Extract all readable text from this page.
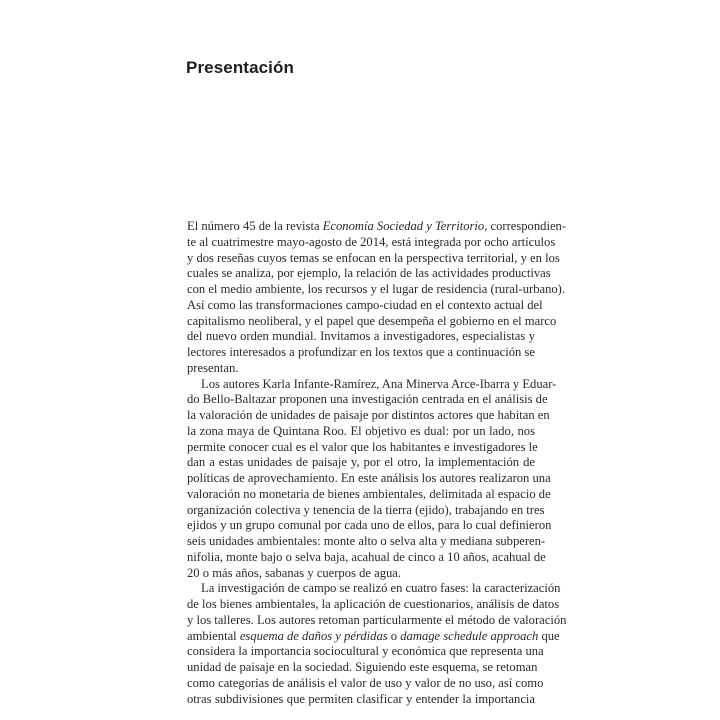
Presentación
El número 45 de la revista Economía Sociedad y Territorio, correspondien-
te al cuatrimestre mayo-agosto de 2014, está integrada por ocho artículos
y dos reseñas cuyos temas se enfocan en la perspectiva territorial, y en los
cuales se analiza, por ejemplo, la relación de las actividades productivas
con el medio ambiente, los recursos y el lugar de residencia (rural-urbano).
Así como las transformaciones campo-ciudad en el contexto actual del
capitalismo neoliberal, y el papel que desempeña el gobierno en el marco
del nuevo orden mundial. Invitamos a investigadores, especialistas y
lectores interesados a profundizar en los textos que a continuación se
presentan.
Los autores Karla Infante-Ramírez, Ana Minerva Arce-Ibarra y Eduar-
do Bello-Baltazar proponen una investigación centrada en el análisis de
la valoración de unidades de paisaje por distintos actores que habitan en
la zona maya de Quintana Roo. El objetivo es dual: por un lado, nos
permite conocer cual es el valor que los habitantes e investigadores le
dan a estas unidades de paisaje y, por el otro, la implementación de
políticas de aprovechamiento. En este análisis los autores realizaron una
valoración no monetaria de bienes ambientales, delimitada al espacio de
organización colectiva y tenencia de la tierra (ejido), trabajando en tres
ejidos y un grupo comunal por cada uno de ellos, para lo cual definieron
seis unidades ambientales: monte alto o selva alta y mediana subperen-
nifolia, monte bajo o selva baja, acahual de cinco a 10 años, acahual de
20 o más años, sabanas y cuerpos de agua.
La investigación de campo se realizó en cuatro fases: la caracterización
de los bienes ambientales, la aplicación de cuestionarios, análisis de datos
y los talleres. Los autores retoman particularmente el método de valoración
ambiental esquema de daños y pérdidas o damage schedule approach que
considera la importancia sociocultural y económica que representa una
unidad de paisaje en la sociedad. Siguiendo este esquema, se retoman
como categorías de análisis el valor de uso y valor de no uso, así como
otras subdivisiones que permiten clasificar y entender la importancia
